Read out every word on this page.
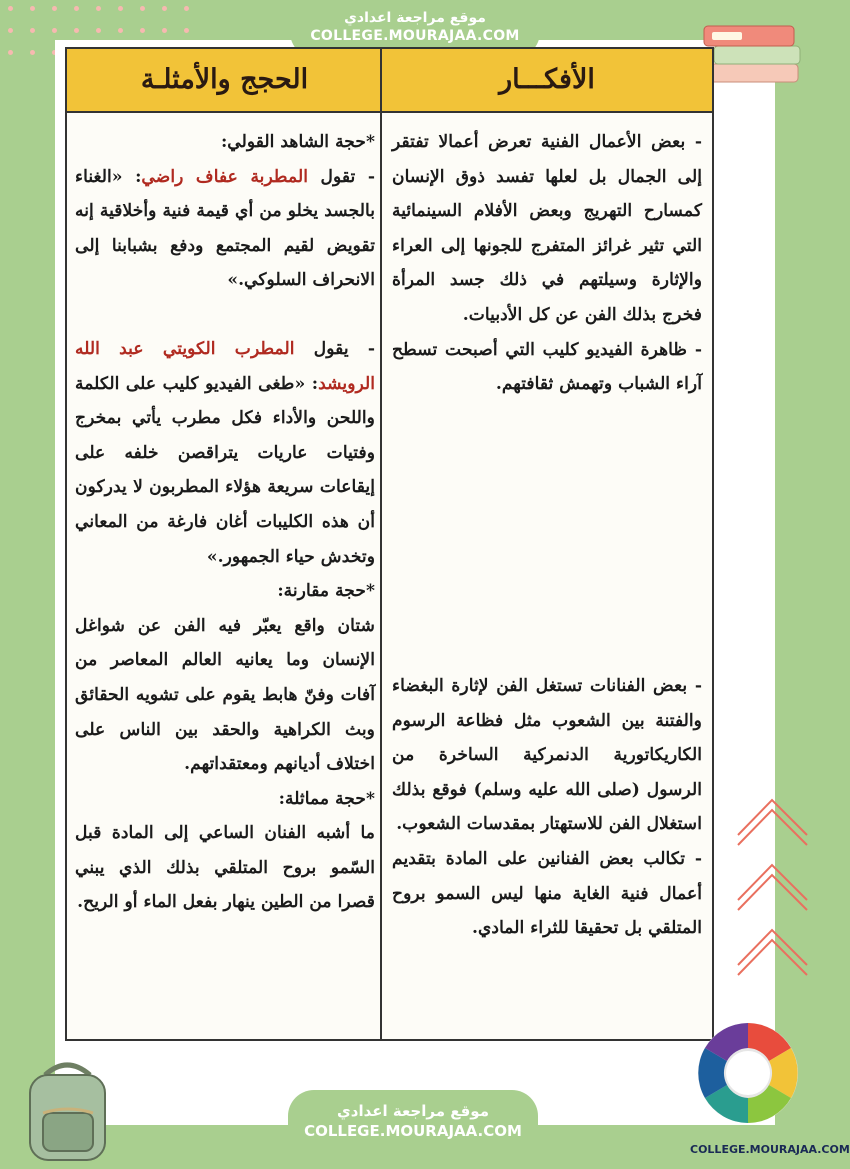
موقع مراجعة اعدادي
COLLEGE.MOURAJAA.COM
الأفكـــار
الحجج والأمثلـة

- بعض الأعمال الفنية تعرض أعمالا تفتقر إلى الجمال بل لعلها تفسد ذوق الإنسان كمسارح التهريج وبعض الأفلام السينمائية التي تثير غرائز المتفرج للجونها إلى العراء والإثارة وسيلتهم في ذلك جسد المرأة فخرج بذلك الفن عن كل الأدبيات.

- ظاهرة الفيديو كليب التي أصبحت تسطح آراء الشباب وتهمش ثقافتهم.

- بعض الفنانات تستغل الفن لإثارة البغضاء والفتنة بين الشعوب مثل فظاعة الرسوم الكاريكاتورية الدنمركية الساخرة من الرسول (صلى الله عليه وسلم) فوقع بذلك استغلال الفن للاستهتار بمقدسات الشعوب.

- تكالب بعض الفنانين على المادة بتقديم أعمال فنية الغاية منها ليس السمو بروح المتلقي بل تحقيقا للثراء المادي.

*حجة الشاهد القولي:

- تقول المطربة عفاف راضي: «الغناء بالجسد يخلو من أي قيمة فنية وأخلاقية إنه تقويض لقيم المجتمع ودفع بشبابنا إلى الانحراف السلوكي.»

- يقول المطرب الكويتي عبد الله الرويشد: «طغى الفيديو كليب على الكلمة واللحن والأداء فكل مطرب يأتي بمخرج وفتيات عاريات يتراقصن خلفه على إيقاعات سريعة هؤلاء المطربون لا يدركون أن هذه الكليبات أغان فارغة من المعاني وتخدش حياء الجمهور.»

*حجة مقارنة:

شتان واقع يعبّر فيه الفن عن شواغل الإنسان وما يعانيه العالم المعاصر من آفات وفنّ هابط يقوم على تشويه الحقائق وبث الكراهية والحقد بين الناس على اختلاف أديانهم ومعتقداتهم.

*حجة مماثلة:

ما أشبه الفنان الساعي إلى المادة قبل السّمو بروح المتلقي بذلك الذي يبني قصرا من الطين ينهار بفعل الماء أو الريح.

COLLEGE.MOURAJAA.COM
موقع مراجعة اعدادي
COLLEGE.MOURAJAA.COM
